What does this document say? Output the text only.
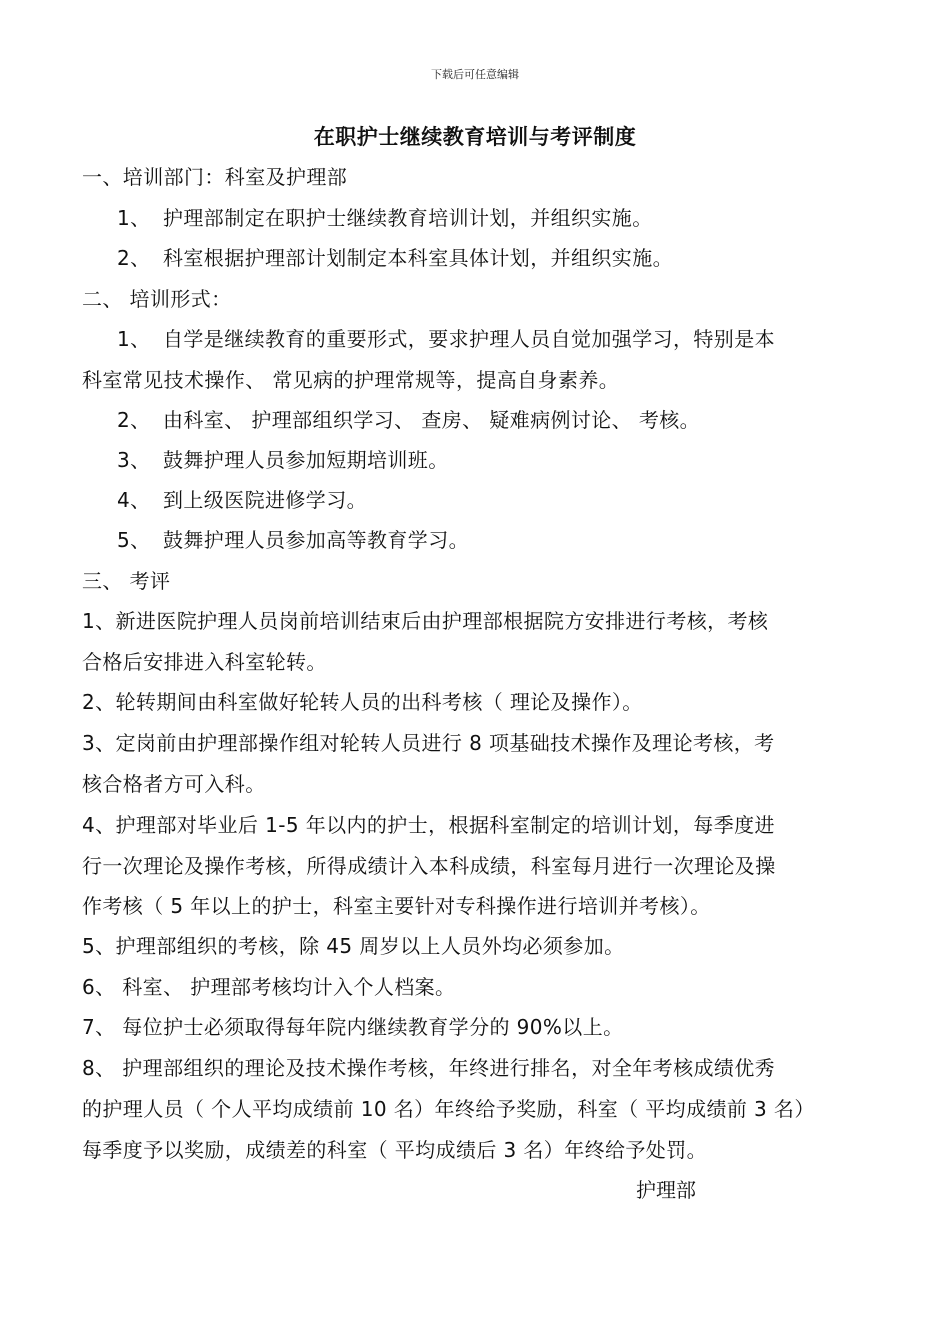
下载后可任意编辑
在职护士继续教育培训与考评制度
一、培训部门：科室及护理部
1、 护理部制定在职护士继续教育培训计划，并组织实施。
2、 科室根据护理部计划制定本科室具体计划，并组织实施。
二、 培训形式：
1、 自学是继续教育的重要形式，要求护理人员自觉加强学习，特别是本
科室常见技术操作、 常见病的护理常规等，提高自身素养。
2、 由科室、 护理部组织学习、 查房、 疑难病例讨论、 考核。
3、 鼓舞护理人员参加短期培训班。
4、 到上级医院进修学习。
5、 鼓舞护理人员参加高等教育学习。
三、 考评
1、新进医院护理人员岗前培训结束后由护理部根据院方安排进行考核，考核
合格后安排进入科室轮转。
2、轮转期间由科室做好轮转人员的出科考核（ 理论及操作）。
3、定岗前由护理部操作组对轮转人员进行 8 项基础技术操作及理论考核，考
核合格者方可入科。
4、护理部对毕业后 1-5 年以内的护士，根据科室制定的培训计划，每季度进
行一次理论及操作考核，所得成绩计入本科成绩，科室每月进行一次理论及操
作考核（ 5 年以上的护士，科室主要针对专科操作进行培训并考核）。
5、护理部组织的考核，除 45 周岁以上人员外均必须参加。
6、 科室、 护理部考核均计入个人档案。
7、 每位护士必须取得每年院内继续教育学分的 90%以上。
8、 护理部组织的理论及技术操作考核，年终进行排名，对全年考核成绩优秀
的护理人员（ 个人平均成绩前 10 名）年终给予奖励，科室（ 平均成绩前 3 名）
每季度予以奖励，成绩差的科室（ 平均成绩后 3 名）年终给予处罚。
护理部
